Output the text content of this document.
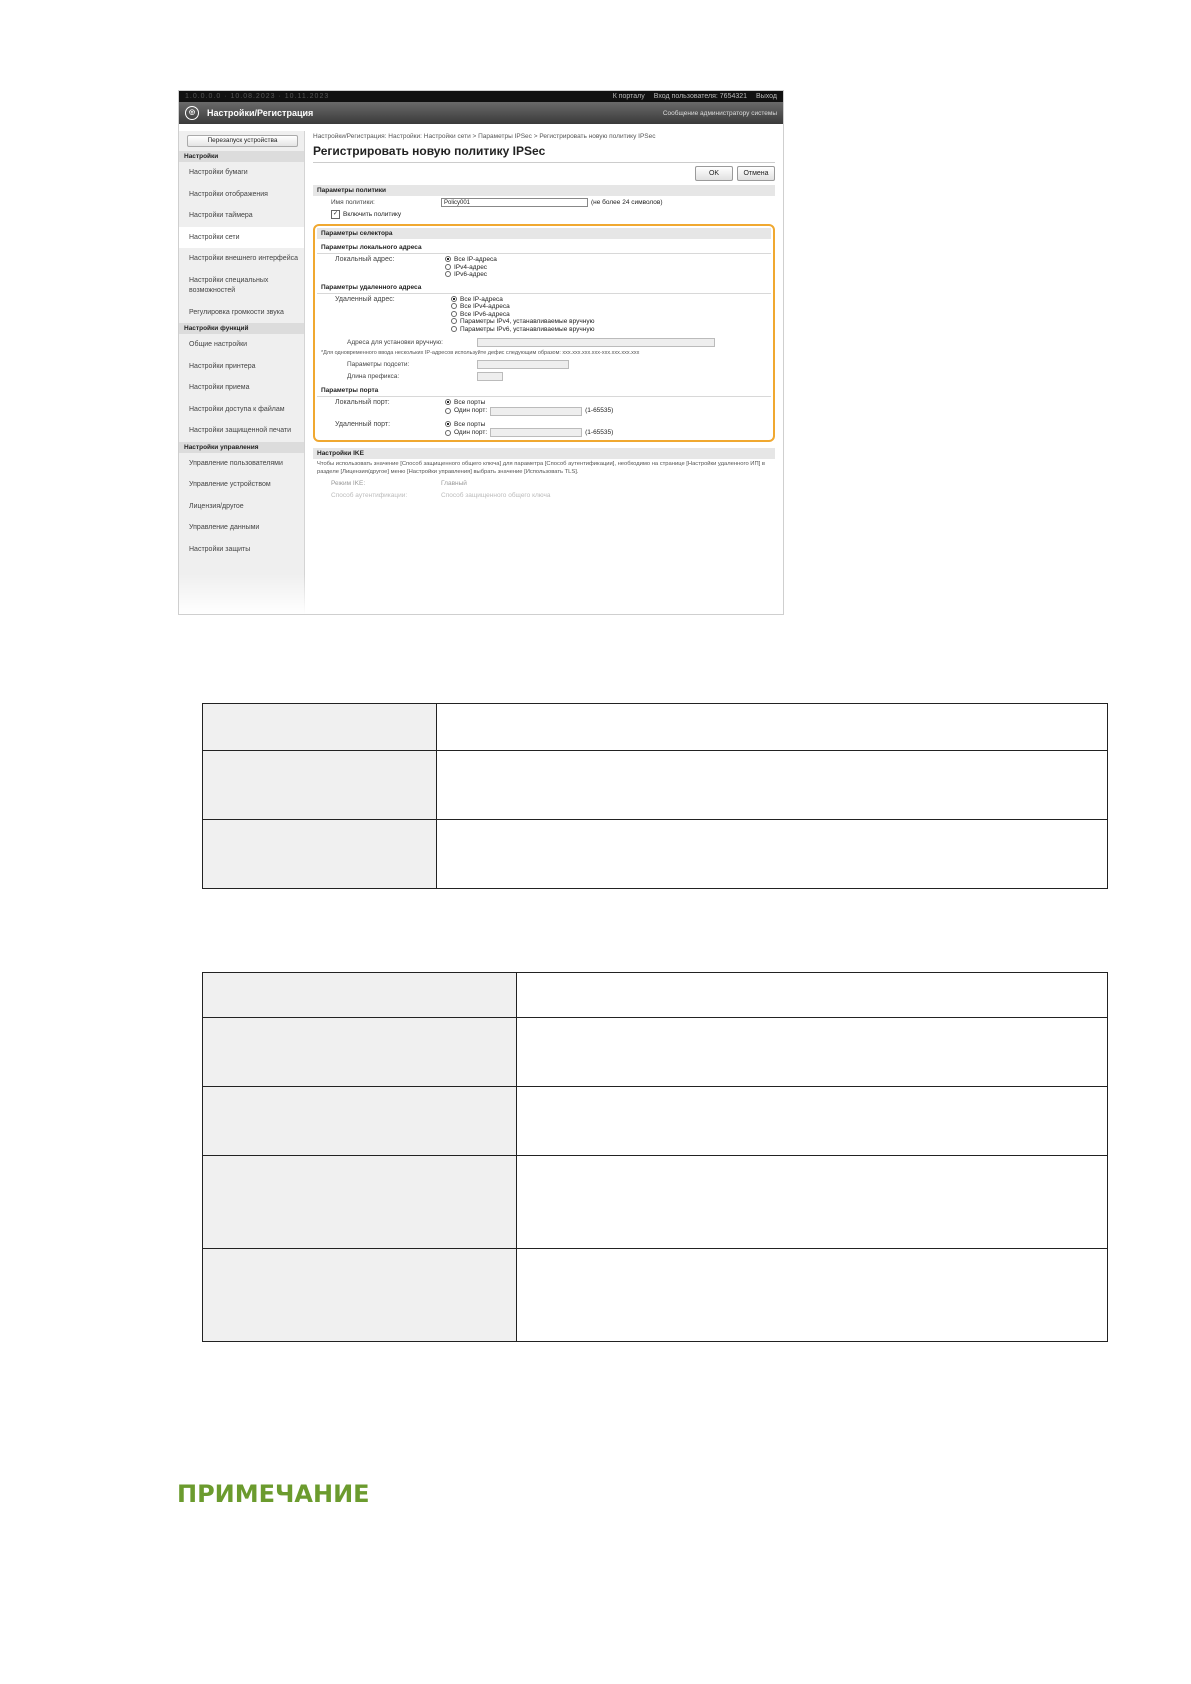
1.0.0.0.0 · 10.08.2023 · 10.11.2023	К порталу Вход пользователя: 7654321 Выход
◎	Настройки/Регистрация	Сообщение администратору системы
Перезапуск устройства
Настройки
Настройки бумаги
Настройки отображения
Настройки таймера
Настройки сети
Настройки внешнего интерфейса
Настройки специальных возможностей
Регулировка громкости звука
Настройки функций
Общие настройки
Настройки принтера
Настройки приема
Настройки доступа к файлам
Настройки защищенной печати
Настройки управления
Управление пользователями
Управление устройством
Лицензия/другое
Управление данными
Настройки защиты
Настройки/Регистрация: Настройки: Настройки сети > Параметры IPSec > Регистрировать новую политику IPSec
Регистрировать новую политику IPSec
OK	Отмена
Параметры политики
Имя политики:	Policy001	(не более 24 символов)
✓ Включить политику
Параметры селектора
Параметры локального адреса
Локальный адрес:	Все IP-адреса
IPv4-адрес
IPv6-адрес
Параметры удаленного адреса
Удаленный адрес:	Все IP-адреса
Все IPv4-адреса
Все IPv6-адреса
Параметры IPv4, устанавливаемые вручную
Параметры IPv6, устанавливаемые вручную
Адреса для установки вручную:
*Для одновременного ввода нескольких IP-адресов используйте дефис следующим образом: xxx.xxx.xxx.xxx-xxx.xxx.xxx.xxx
Параметры подсети:
Длина префикса:
Параметры порта
Локальный порт:	Все порты
Один порт:	(1-65535)
Удаленный порт:	Все порты
Один порт:	(1-65535)
Настройки IKE
Чтобы использовать значение [Способ защищенного общего ключа] для параметра [Способ аутентификации], необходимо на странице [Настройки удаленного ИП] в разделе [Лицензия/другое] меню [Настройки управления] выбрать значение [Использовать TLS].
Режим IKE:	Главный
Способ аутентификации:	Способ защищенного общего ключа

ПРИМЕЧАНИЕ
